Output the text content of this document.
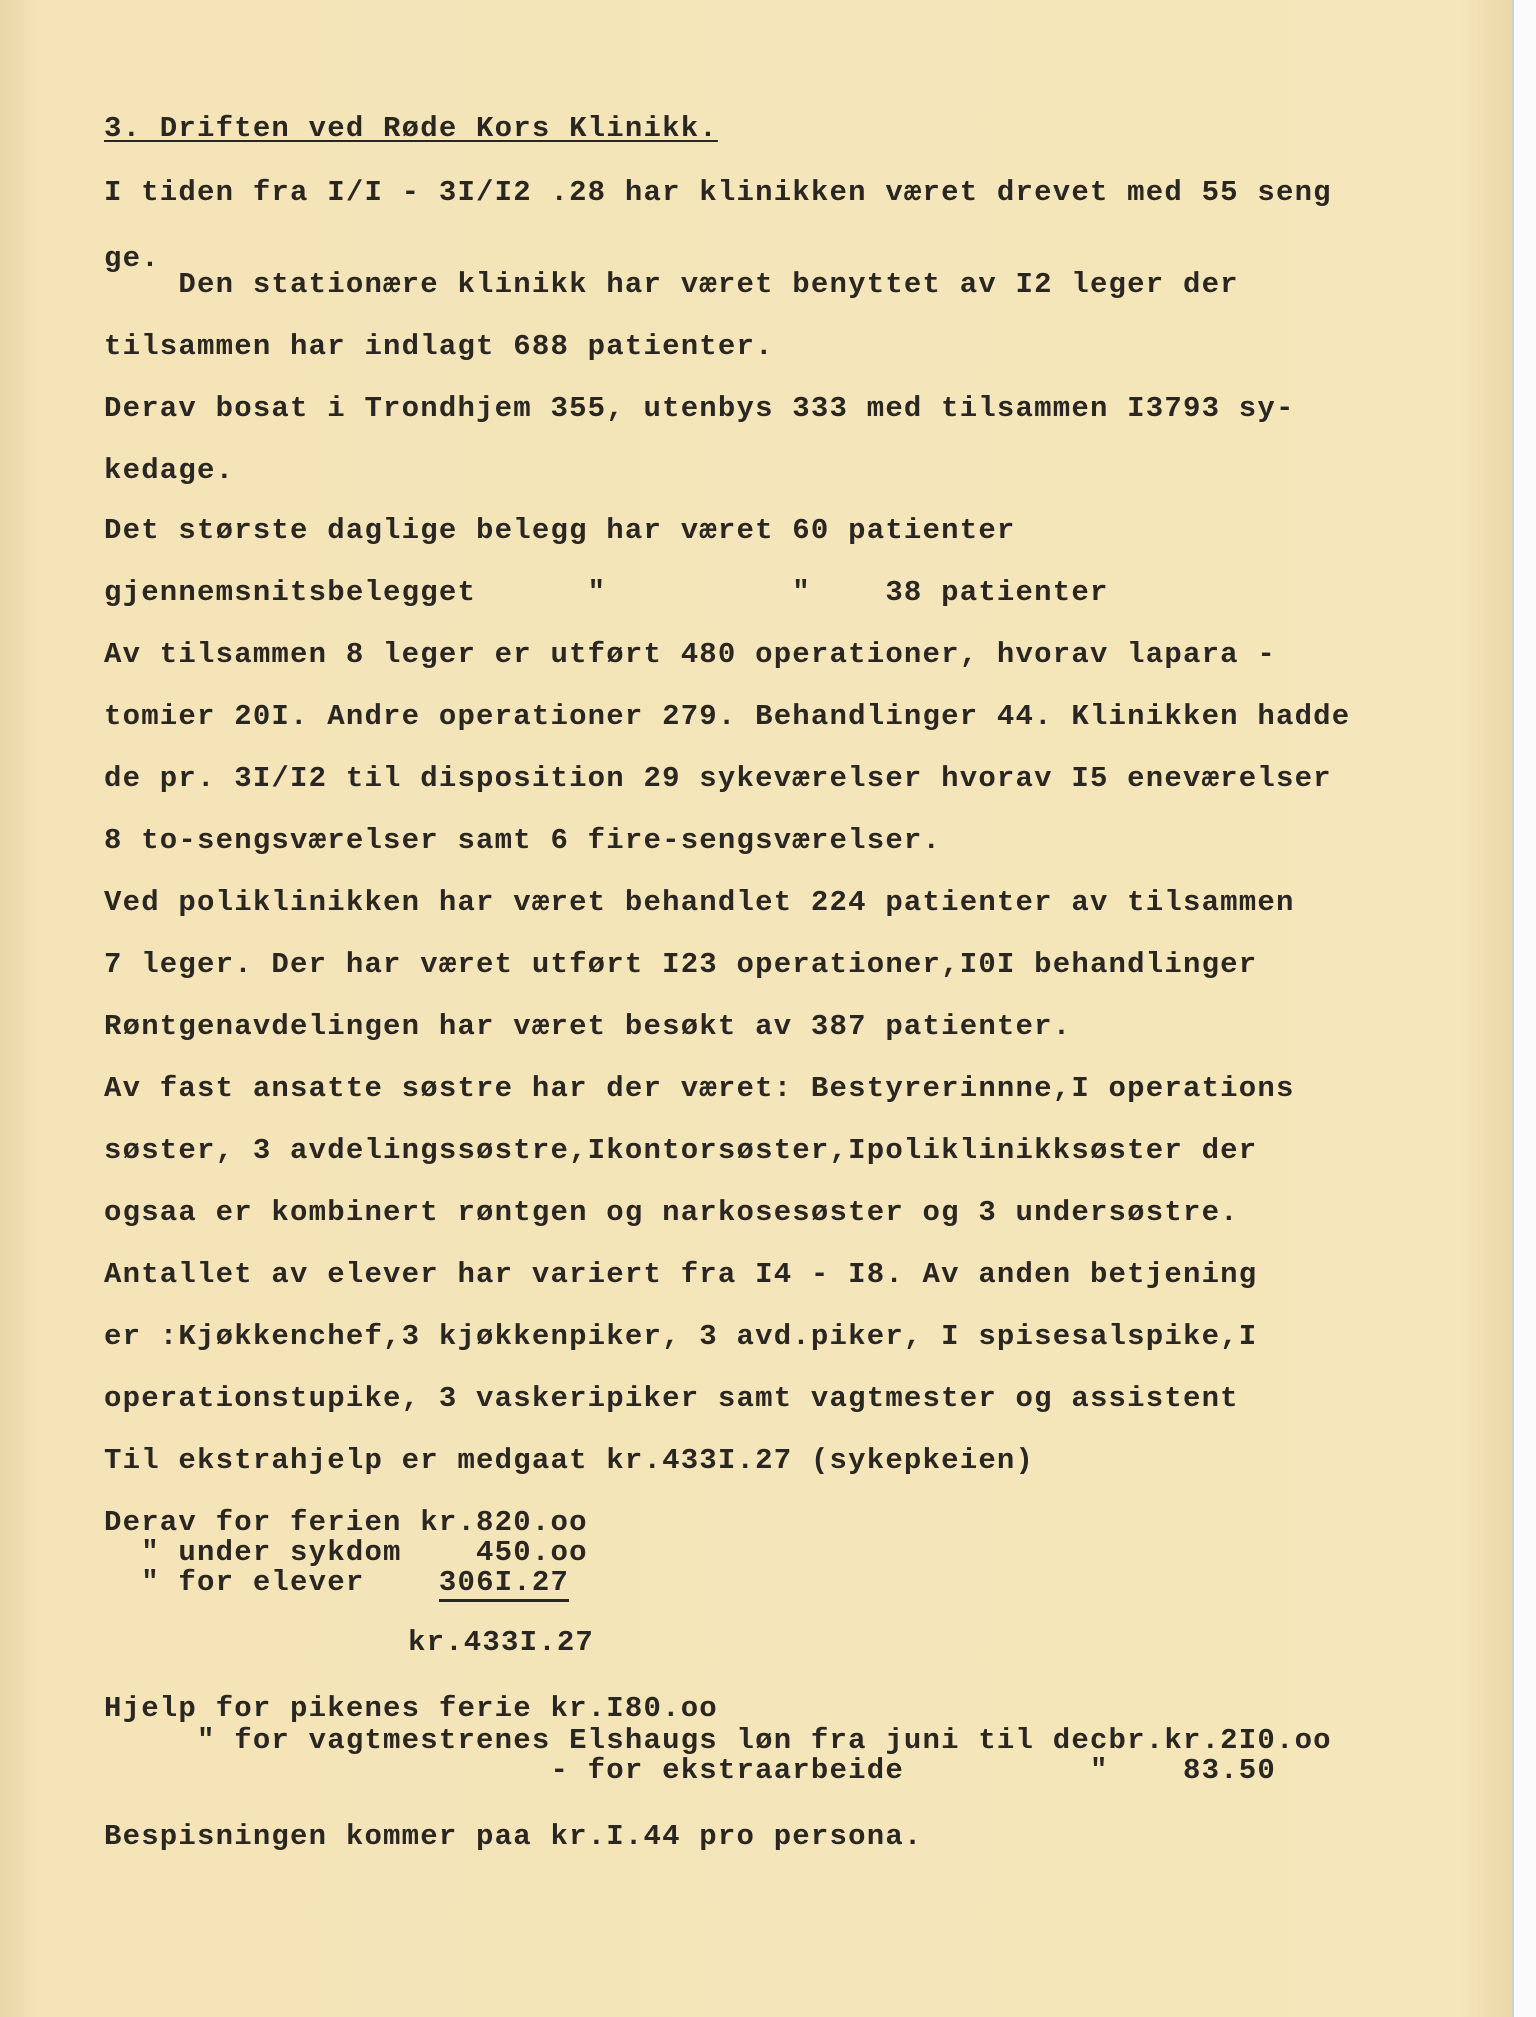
3. Driften ved Røde Kors Klinikk.
I tiden fra I/I - 3I/I2 .28 har klinikken været drevet med 55 seng
ge.
Den stationære klinikk har været benyttet av I2 leger der
tilsammen har indlagt 688 patienter.
Derav bosat i Trondhjem 355, utenbys 333 med tilsammen I3793 sy-
kedage.
Det største daglige belegg har været 60 patienter
gjennemsnitsbelegget      "          "    38 patienter
Av tilsammen 8 leger er utført 480 operationer, hvorav lapara -
tomier 20I. Andre operationer 279. Behandlinger 44. Klinikken hadde
de pr. 3I/I2 til disposition 29 sykeværelser hvorav I5 eneværelser
8 to-sengsværelser samt 6 fire-sengsværelser.
Ved poliklinikken har været behandlet 224 patienter av tilsammen
7 leger. Der har været utført I23 operationer,I0I behandlinger
Røntgenavdelingen har været besøkt av 387 patienter.
Av fast ansatte søstre har der været: Bestyrerinnne,I operations
søster, 3 avdelingssøstre,Ikontorsøster,Ipoliklinikksøster der
ogsaa er kombinert røntgen og narkosesøster og 3 undersøstre.
Antallet av elever har variert fra I4 - I8. Av anden betjening
er :Kjøkkenchef,3 kjøkkenpiker, 3 avd.piker, I spisesalspike,I
operationstupike, 3 vaskeripiker samt vagtmester og assistent
Til ekstrahjelp er medgaat kr.433I.27 (sykepkeien)
Derav for ferien kr.820.oo
" under sykdom    450.oo
" for elever    306I.27
kr.433I.27
Hjelp for pikenes ferie kr.I80.oo
" for vagtmestrenes Elshaugs løn fra juni til decbr.kr.2I0.oo
- for ekstraarbeide          "    83.50
Bespisningen kommer paa kr.I.44 pro persona.
